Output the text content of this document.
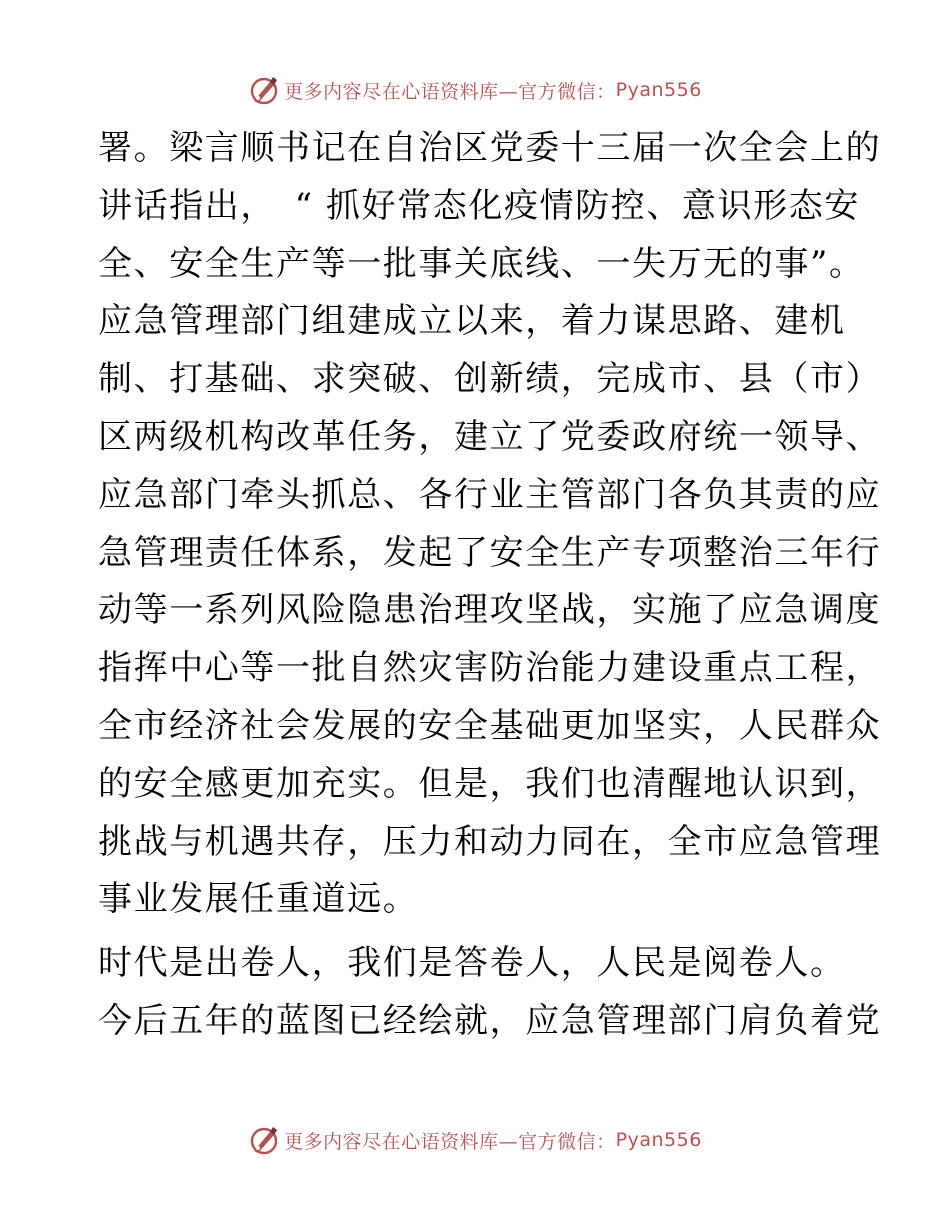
更多内容尽在心语资料库—官方微信： Pyan556
署。梁言顺书记在自治区党委十三届一次全会上的
讲话指出，　“ 抓好常态化疫情防控、意识形态安
全、安全生产等一批事关底线、一失万无的事”。
应急管理部门组建成立以来，着力谋思路、建机
制、打基础、求突破、创新绩，完成市、县（市）
区两级机构改革任务，建立了党委政府统一领导、
应急部门牵头抓总、各行业主管部门各负其责的应
急管理责任体系，发起了安全生产专项整治三年行
动等一系列风险隐患治理攻坚战，实施了应急调度
指挥中心等一批自然灾害防治能力建设重点工程，
全市经济社会发展的安全基础更加坚实，人民群众
的安全感更加充实。但是，我们也清醒地认识到，
挑战与机遇共存，压力和动力同在，全市应急管理
事业发展任重道远。
时代是出卷人，我们是答卷人，人民是阅卷人。
今后五年的蓝图已经绘就，应急管理部门肩负着党
更多内容尽在心语资料库—官方微信： Pyan556
